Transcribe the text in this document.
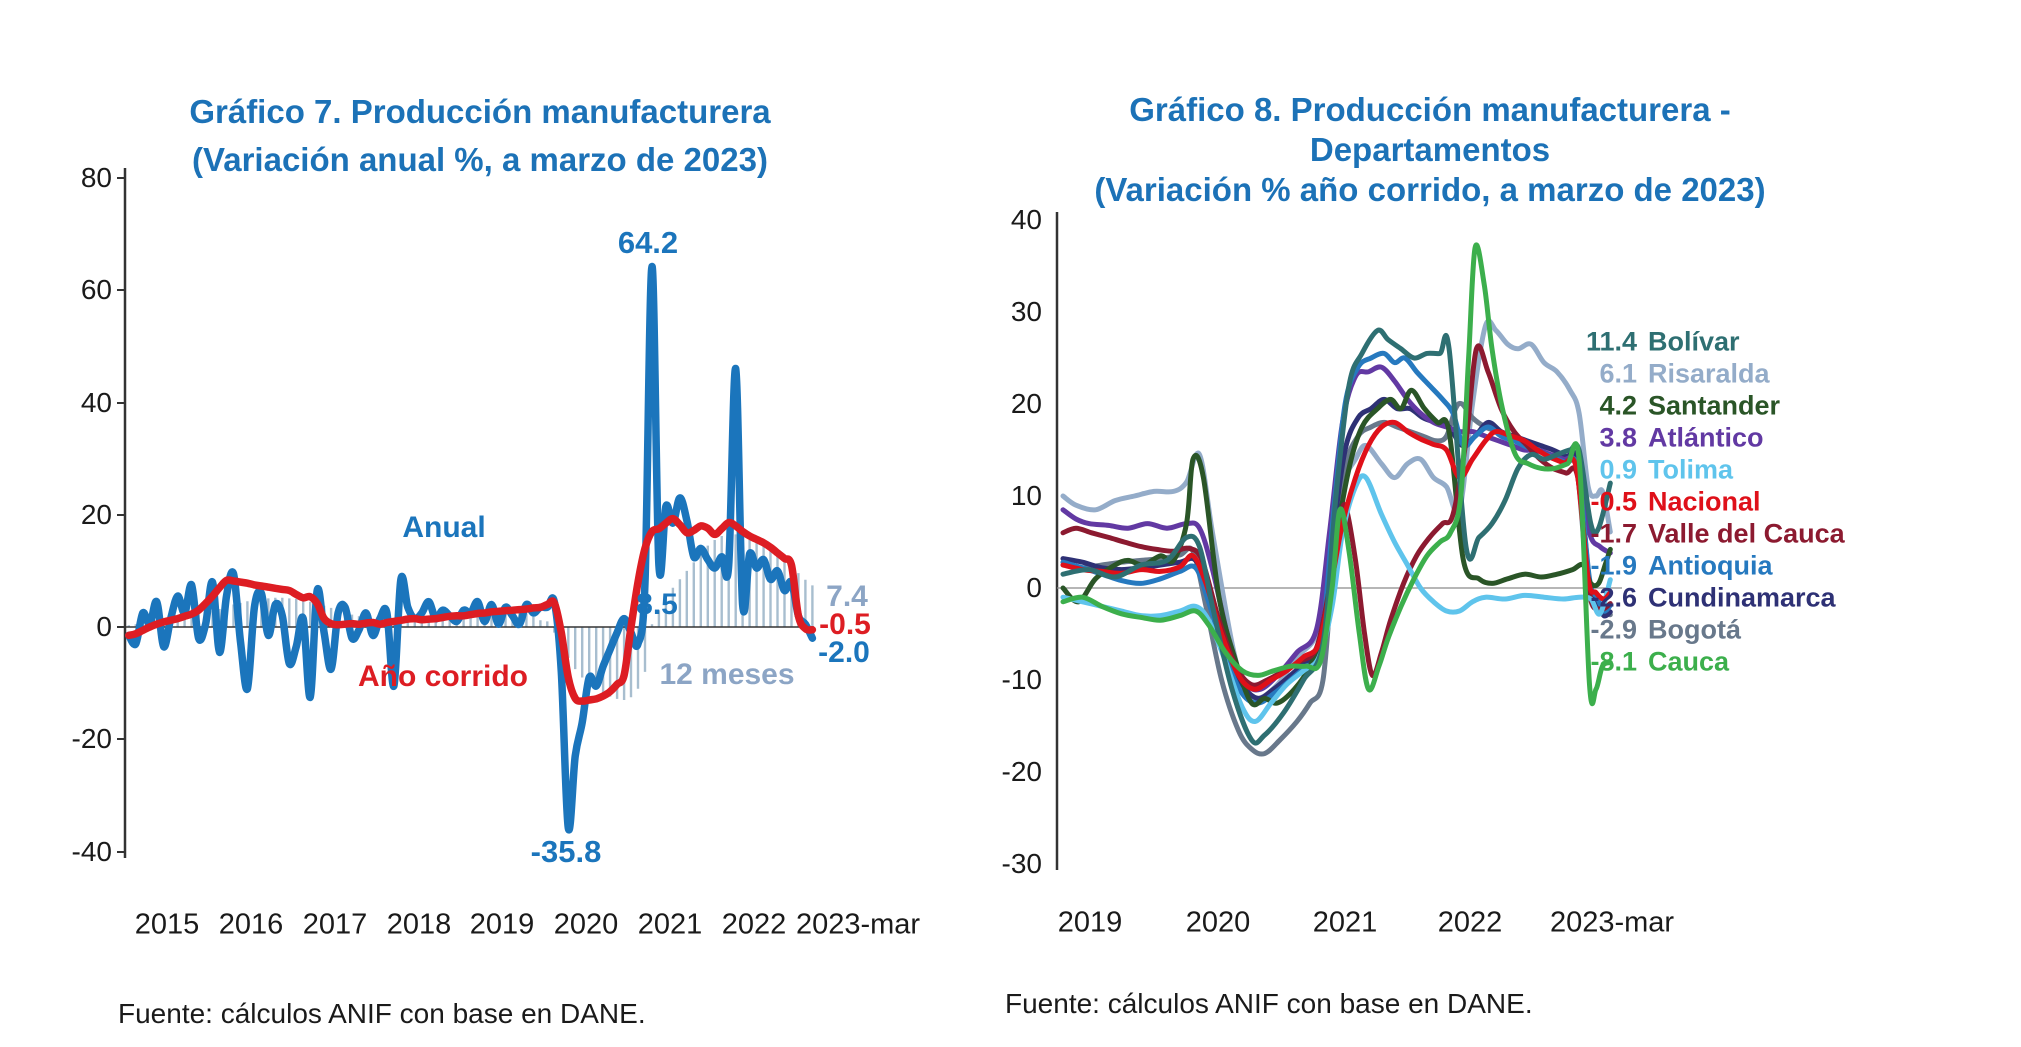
Gráfico 7. Producción manufacturera
(Variación anual %, a marzo de 2023)
Gráfico 8. Producción manufacturera -
Departamentos
(Variación % año corrido, a marzo de 2023)
80
60
40
20
0
-20
-40
2015 2016 2017 2018 2019 2020 2021 2022 2023-mar
40
30
20
10
0
-10
-20
-30
2019 2020 2021 2022 2023-mar
64.2
-35.8
8.5
Anual
Año corrido	12 meses
7.4
-0.5
-2.0
11.4 Bolívar
6.1 Risaralda
4.2 Santander
3.8 Atlántico
0.9 Tolima
-0.5 Nacional
-1.7 Valle del Cauca
-1.9 Antioquia
-2.6 Cundinamarca
-2.9 Bogotá
-8.1 Cauca
Fuente: cálculos ANIF con base en DANE.	Fuente: cálculos ANIF con base en DANE.
